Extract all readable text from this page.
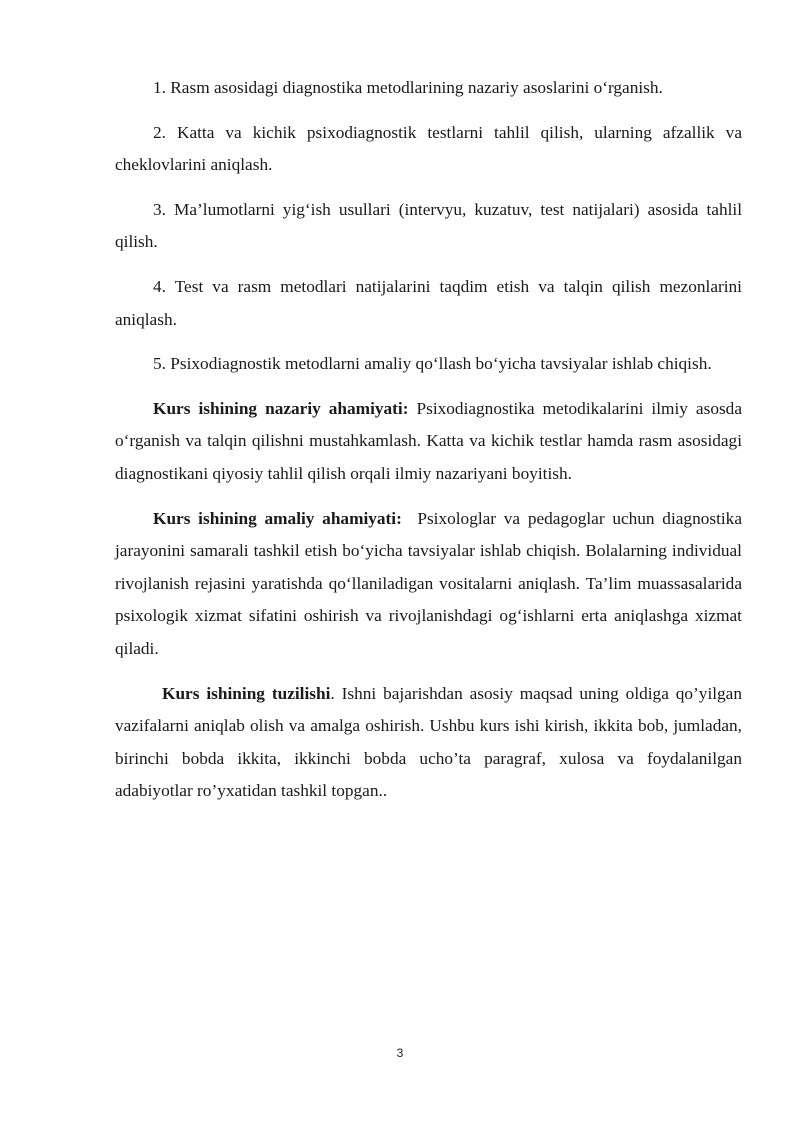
1. Rasm asosidagi diagnostika metodlarining nazariy asoslarini o‘rganish.

2. Katta va kichik psixodiagnostik testlarni tahlil qilish, ularning afzallik va cheklovlarini aniqlash.

3. Ma’lumotlarni yig‘ish usullari (intervyu, kuzatuv, test natijalari) asosida tahlil qilish.

4. Test va rasm metodlari natijalarini taqdim etish va talqin qilish mezonlarini aniqlash.

5. Psixodiagnostik metodlarni amaliy qo‘llash bo‘yicha tavsiyalar ishlab chiqish.

Kurs ishining nazariy ahamiyati: Psixodiagnostika metodikalarini ilmiy asosda o‘rganish va talqin qilishni mustahkamlash. Katta va kichik testlar hamda rasm asosidagi diagnostikani qiyosiy tahlil qilish orqali ilmiy nazariyani boyitish.

Kurs ishining amaliy ahamiyati:  Psixologlar va pedagoglar uchun diagnostika jarayonini samarali tashkil etish bo‘yicha tavsiyalar ishlab chiqish. Bolalarning individual rivojlanish rejasini yaratishda qo‘llaniladigan vositalarni aniqlash. Ta’lim muassasalarida psixologik xizmat sifatini oshirish va rivojlanishdagi og‘ishlarni erta aniqlashga xizmat qiladi.

Kurs ishining tuzilishi. Ishni bajarishdan asosiy maqsad uning oldiga qo’yilgan vazifalarni aniqlab olish va amalga oshirish. Ushbu kurs ishi kirish, ikkita bob, jumladan, birinchi bobda ikkita, ikkinchi bobda ucho’ta paragraf, xulosa va foydalanilgan adabiyotlar ro’yxatidan tashkil topgan..

3
